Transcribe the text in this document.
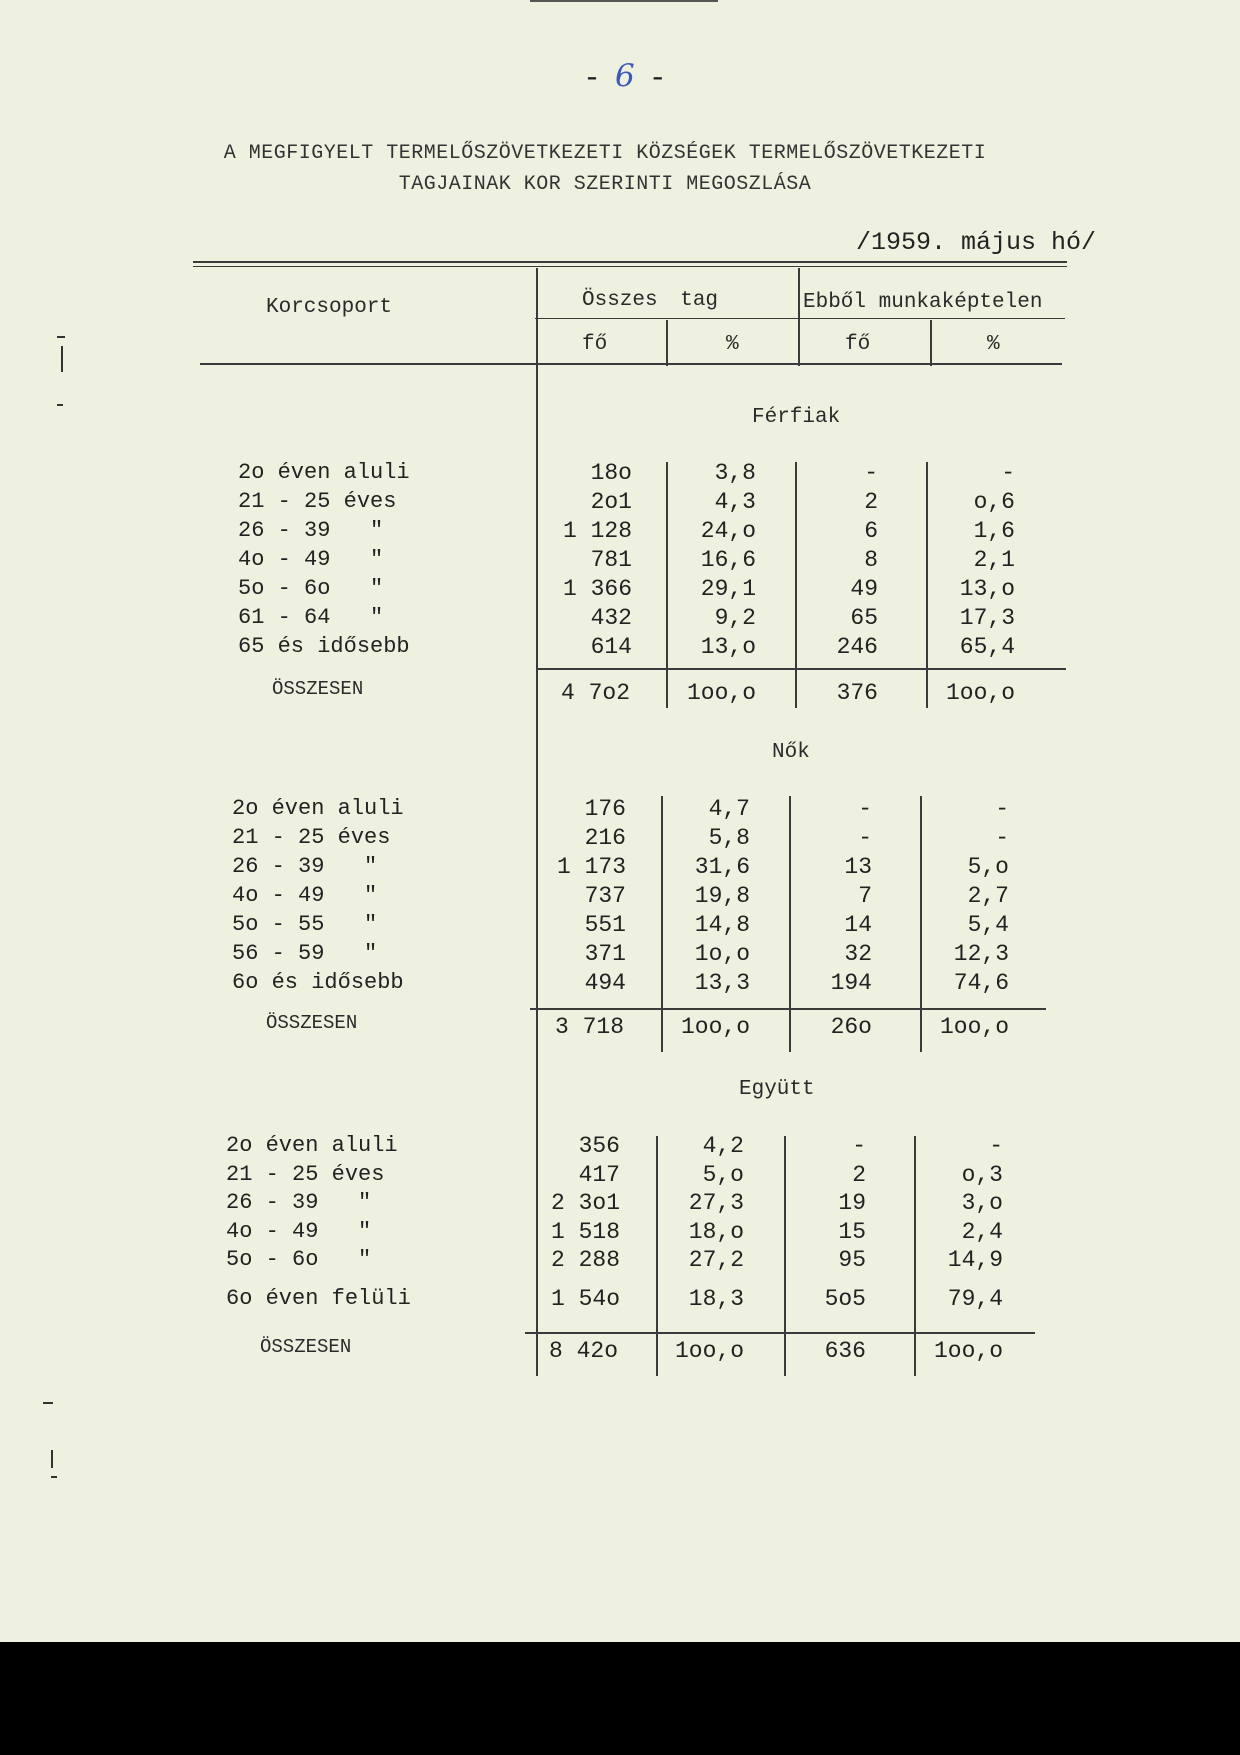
- 6 -
A MEGFIGYELT TERMELŐSZÖVETKEZETI KÖZSÉGEK TERMELŐSZÖVETKEZETI
TAGJAINAK KOR SZERINTI MEGOSZLÁSA
/1959. május hó/
Korcsoport	Összes tag	Ebből munkaképtelen
fő	%	fő	%
Férfiak
2o éven aluli	18o	3,8	-	-
21 - 25 éves	2o1	4,3	2	o,6
26 - 39   "	1 128	24,o	6	1,6
4o - 49   "	781	16,6	8	2,1
5o - 6o   "	1 366	29,1	49	13,o
61 - 64   "	432	9,2	65	17,3
65 és idősebb	614	13,o	246	65,4
ÖSSZESEN	4 7o2	1oo,o	376	1oo,o
Nők
2o éven aluli	176	4,7	-	-
21 - 25 éves	216	5,8	-	-
26 - 39   "	1 173	31,6	13	5,o
4o - 49   "	737	19,8	7	2,7
5o - 55   "	551	14,8	14	5,4
56 - 59   "	371	1o,o	32	12,3
6o és idősebb	494	13,3	194	74,6
ÖSSZESEN	3 718	1oo,o	26o	1oo,o
Együtt
2o éven aluli	356	4,2	-	-
21 - 25 éves	417	5,o	2	o,3
26 - 39   "	2 3o1	27,3	19	3,o
4o - 49   "	1 518	18,o	15	2,4
5o - 6o   "	2 288	27,2	95	14,9
6o éven felüli	1 54o	18,3	5o5	79,4
ÖSSZESEN	8 42o	1oo,o	636	1oo,o
